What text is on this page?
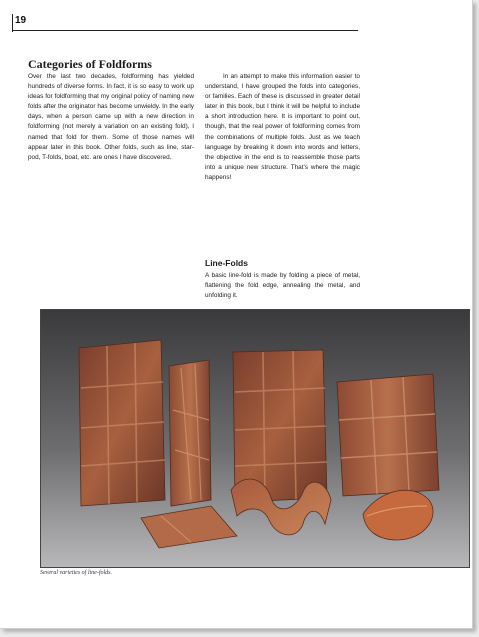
19
Categories of Foldforms

Over the last two decades, foldforming has yielded hundreds of diverse forms. In fact, it is so easy to work up ideas for foldforming that my original policy of naming new folds after the originator has become unwieldy. In the early days, when a person came up with a new direction in foldforming (not merely a variation on an existing fold), I named that fold for them. Some of those names will appear later in this book. Other folds, such as line, star-pod, T-folds, boat, etc. are ones I have discovered.

In an attempt to make this information easier to understand, I have grouped the folds into categories, or families. Each of these is discussed in greater detail later in this book, but I think it will be helpful to include a short introduction here. It is important to point out, though, that the real power of foldforming comes from the combinations of multiple folds. Just as we teach language by breaking it down into words and letters, the objective in the end is to reassemble those parts into a unique new structure. That’s where the magic happens!

Line-Folds

A basic line-fold is made by folding a piece of metal, flattening the fold edge, annealing the metal, and unfolding it.

Several varieties of line-folds.
